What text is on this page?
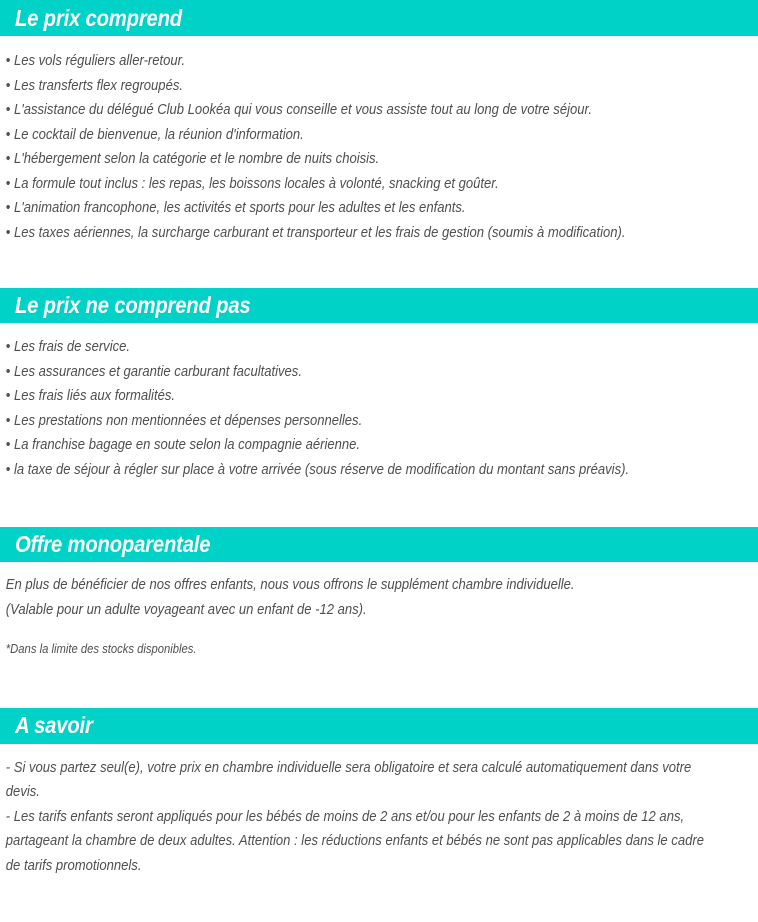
Le prix comprend
• Les vols réguliers aller-retour.
• Les transferts flex regroupés.
• L'assistance du délégué Club Lookéa qui vous conseille et vous assiste tout au long de votre séjour.
• Le cocktail de bienvenue, la réunion d'information.
• L'hébergement selon la catégorie et le nombre de nuits choisis.
• La formule tout inclus : les repas, les boissons locales à volonté, snacking et goûter.
• L'animation francophone, les activités et sports pour les adultes et les enfants.
• Les taxes aériennes, la surcharge carburant et transporteur et les frais de gestion (soumis à modification).
Le prix ne comprend pas
• Les frais de service.
• Les assurances et garantie carburant facultatives.
• Les frais liés aux formalités.
• Les prestations non mentionnées et dépenses personnelles.
• La franchise bagage en soute selon la compagnie aérienne.
• la taxe de séjour à régler sur place à votre arrivée (sous réserve de modification du montant sans préavis).
Offre monoparentale

En plus de bénéficier de nos offres enfants, nous vous offrons le supplément chambre individuelle.

(Valable pour un adulte voyageant avec un enfant de -12 ans).

*Dans la limite des stocks disponibles.

A savoir

- Si vous partez seul(e), votre prix en chambre individuelle sera obligatoire et sera calculé automatiquement dans votre

devis.

- Les tarifs enfants seront appliqués pour les bébés de moins de 2 ans et/ou pour les enfants de 2 à moins de 12 ans,

partageant la chambre de deux adultes. Attention : les réductions enfants et bébés ne sont pas applicables dans le cadre

de tarifs promotionnels.
